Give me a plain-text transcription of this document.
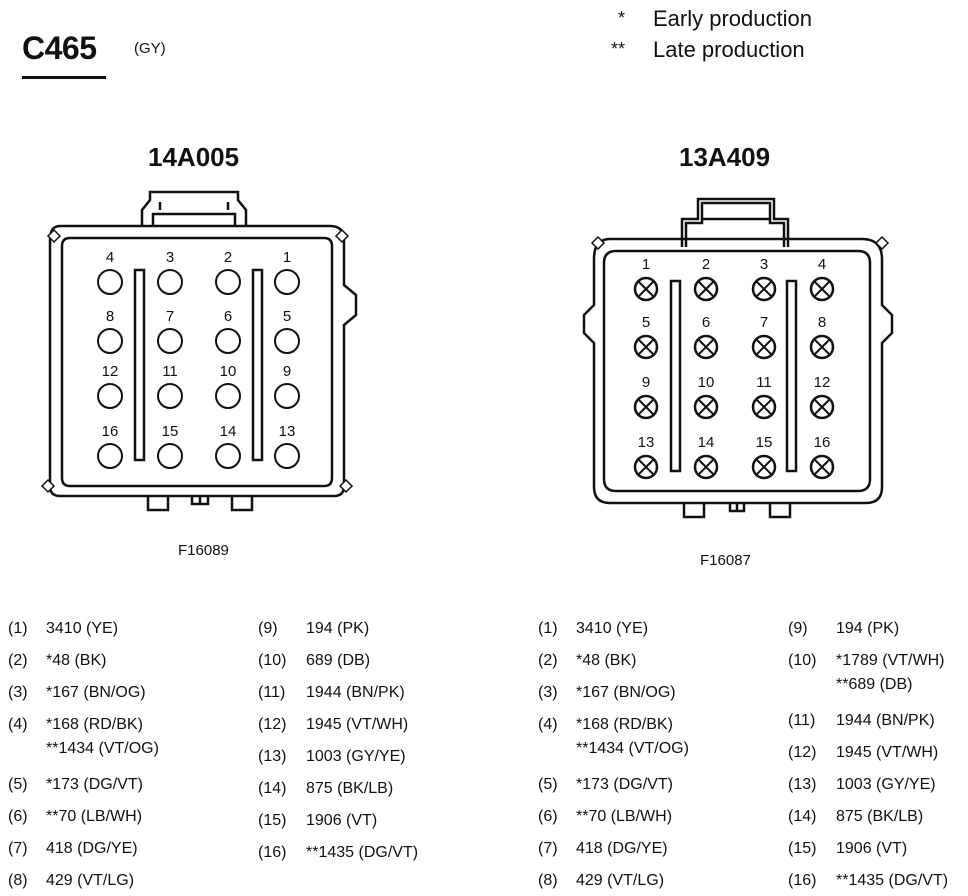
C465	(GY)
* Early production
** Late production
14A005	13A409
4	3	2	1
8	7	6	5
12	11	10	9
16	15	14	13
1	2	3	4
5	6	7	8
9	10	11	12
13	14	15	16
F16089
F16087
(1) 3410 (YE)
(2) *48 (BK)
(3) *167 (BN/OG)
(4) *168 (RD/BK)
**1434 (VT/OG)
(5) *173 (DG/VT)
(6) **70 (LB/WH)
(7) 418 (DG/YE)
(8) 429 (VT/LG)
(9) 194 (PK)
(10) 689 (DB)
(11) 1944 (BN/PK)
(12) 1945 (VT/WH)
(13) 1003 (GY/YE)
(14) 875 (BK/LB)
(15) 1906 (VT)
(16) **1435 (DG/VT)
(1) 3410 (YE)
(2) *48 (BK)
(3) *167 (BN/OG)
(4) *168 (RD/BK)
**1434 (VT/OG)
(5) *173 (DG/VT)
(6) **70 (LB/WH)
(7) 418 (DG/YE)
(8) 429 (VT/LG)
(9) 194 (PK)
(10) *1789 (VT/WH)
**689 (DB)
(11) 1944 (BN/PK)
(12) 1945 (VT/WH)
(13) 1003 (GY/YE)
(14) 875 (BK/LB)
(15) 1906 (VT)
(16) **1435 (DG/VT)
